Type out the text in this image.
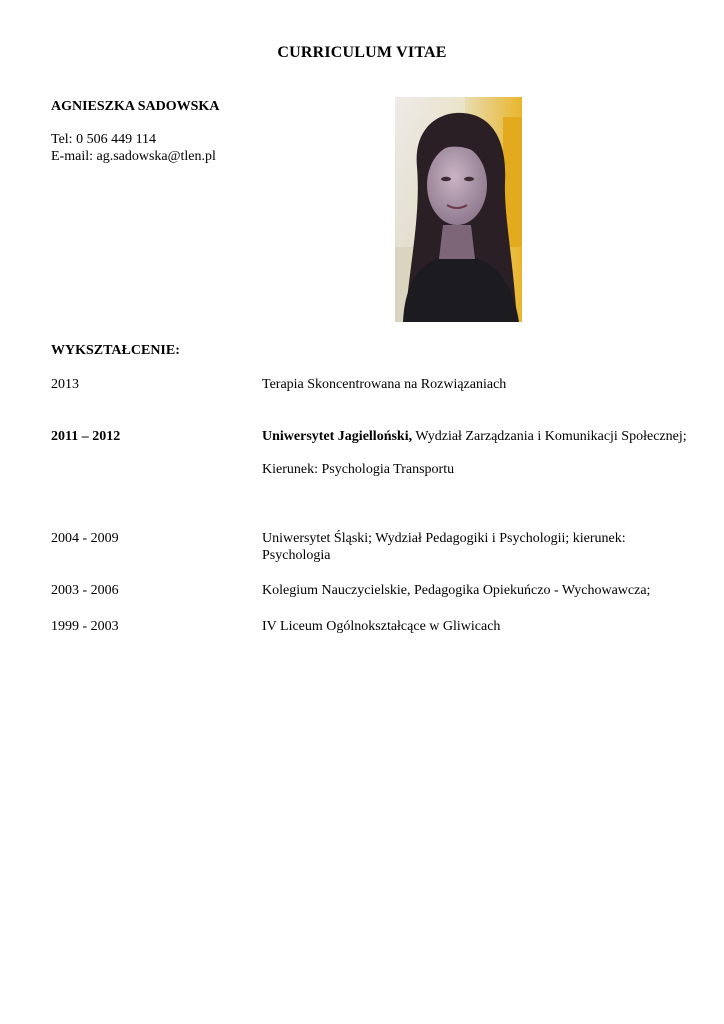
CURRICULUM VITAE
AGNIESZKA SADOWSKA
Tel: 0 506 449 114
E-mail: ag.sadowska@tlen.pl
WYKSZTAŁCENIE:
2013	Terapia Skoncentrowana na Rozwiązaniach
2011 – 2012	Uniwersytet Jagielloński, Wydział Zarządzania i Komunikacji Społecznej;
Kierunek: Psychologia Transportu
2004 - 2009	Uniwersytet Śląski; Wydział Pedagogiki i Psychologii; kierunek:
Psychologia
2003 - 2006	Kolegium Nauczycielskie, Pedagogika Opiekuńczo - Wychowawcza;
1999 - 2003	IV Liceum Ogólnokształcące w Gliwicach
